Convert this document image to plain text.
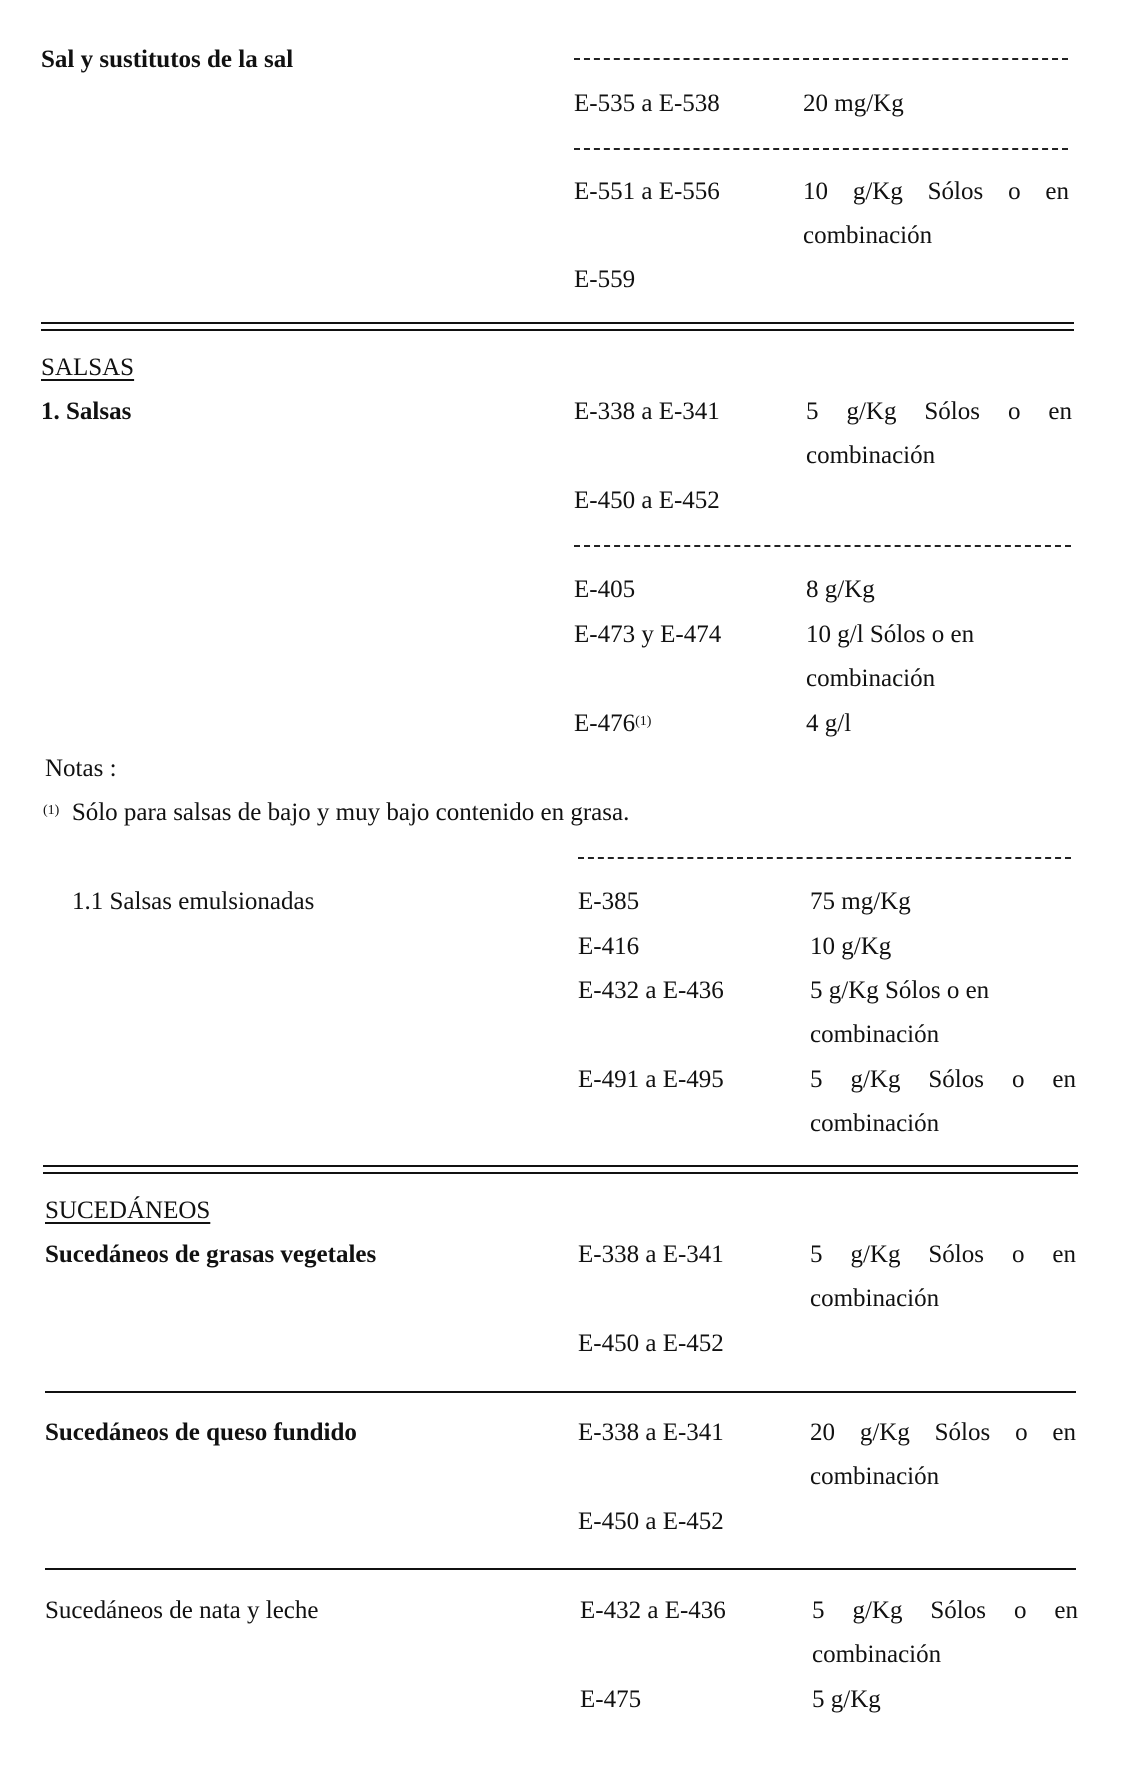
Sal y sustitutos de la sal
E-535 a E-538	20 mg/Kg
E-551 a E-556	10 g/Kg Sólos o en
combinación
E-559
SALSAS
1. Salsas	E-338 a E-341	5 g/Kg Sólos o en
combinación
E-450 a E-452
E-405	8 g/Kg
E-473 y E-474	10 g/l Sólos o en
combinación
E-476$^{(1)}$	4 g/l
Notas :
$^{(1)}$ Sólo para salsas de bajo y muy bajo contenido en grasa.
1.1 Salsas emulsionadas	E-385	75 mg/Kg
E-416	10 g/Kg
E-432 a E-436	5 g/Kg Sólos o en
combinación
E-491 a E-495	5 g/Kg Sólos o en
combinación
SUCEDÁNEOS
Sucedáneos de grasas vegetales	E-338 a E-341	5 g/Kg Sólos o en
combinación
E-450 a E-452
Sucedáneos de queso fundido	E-338 a E-341	20 g/Kg Sólos o en
combinación
E-450 a E-452
Sucedáneos de nata y leche	E-432 a E-436	5 g/Kg Sólos o en
combinación
E-475	5 g/Kg
